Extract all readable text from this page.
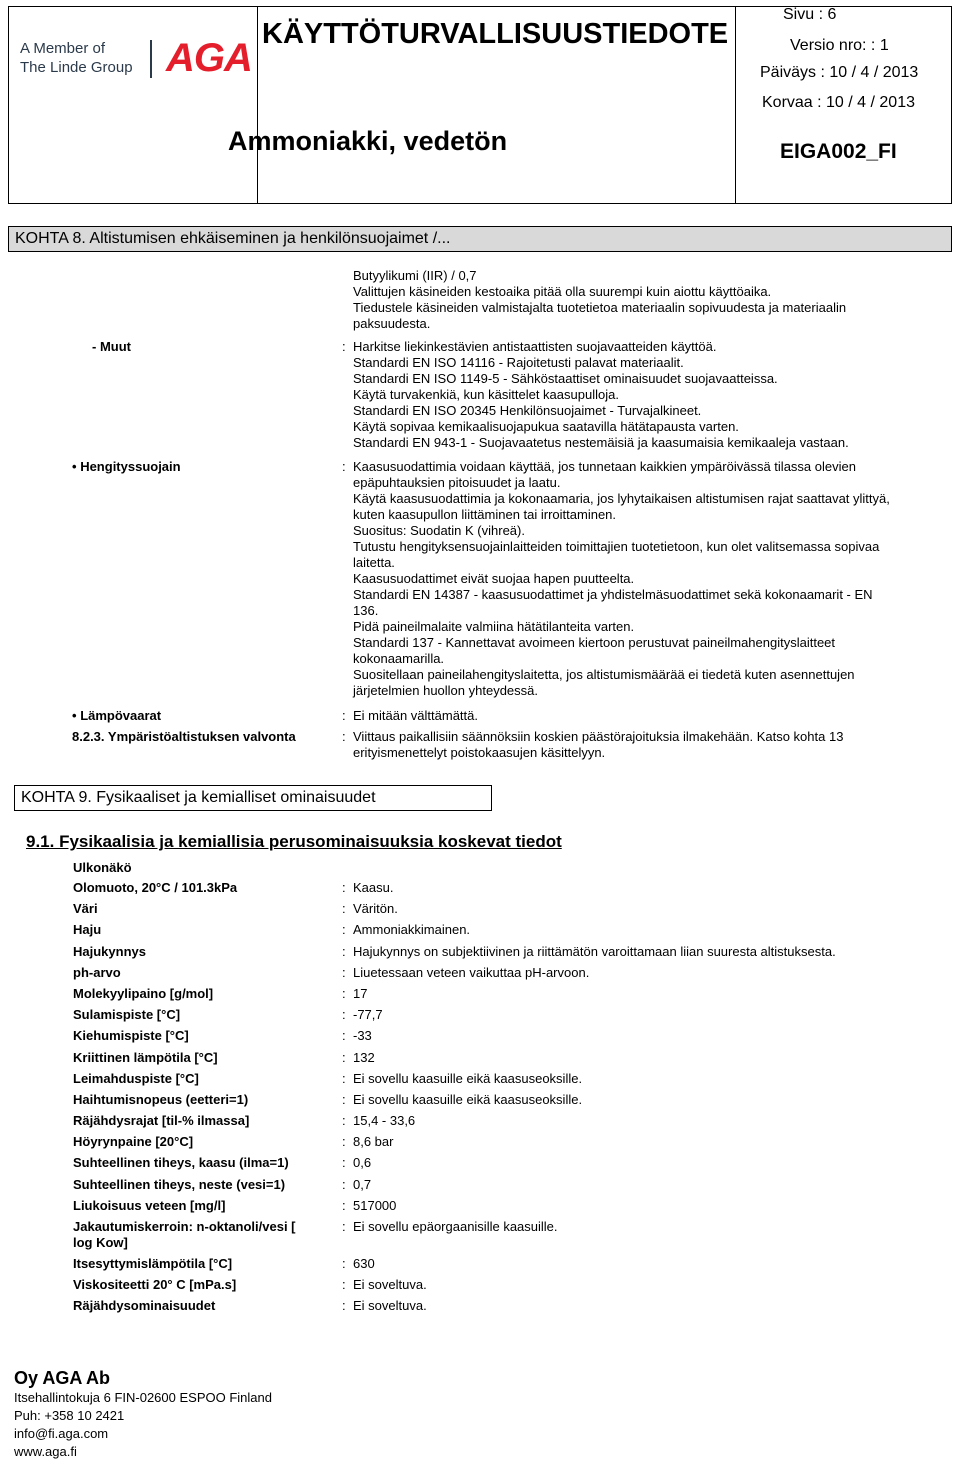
A Member of
The Linde Group AGA
KÄYTTÖTURVALLISUUSTIEDOTE
Ammoniakki, vedetön
Sivu : 6
Versio nro: : 1
Päiväys : 10 / 4 / 2013
Korvaa : 10 / 4 / 2013
EIGA002_FI
KOHTA 8. Altistumisen ehkäiseminen ja henkilönsuojaimet /...
Butyylikumi (IIR) / 0,7
Valittujen käsineiden kestoaika pitää olla suurempi kuin aiottu käyttöaika.
Tiedustele käsineiden valmistajalta tuotetietoa materiaalin sopivuudesta ja materiaalin
paksuudesta.
- Muut	: Harkitse liekinkestävien antistaattisten suojavaatteiden käyttöä.
Standardi EN ISO 14116 - Rajoitetusti palavat materiaalit.
Standardi EN ISO 1149-5 - Sähköstaattiset ominaisuudet suojavaatteissa.
Käytä turvakenkiä, kun käsittelet kaasupulloja.
Standardi EN ISO 20345 Henkilönsuojaimet - Turvajalkineet.
Käytä sopivaa kemikaalisuojapukua saatavilla hätätapausta varten.
Standardi EN 943-1 - Suojavaatetus nestemäisiä ja kaasumaisia kemikaaleja vastaan.
• Hengityssuojain	: Kaasusuodattimia voidaan käyttää, jos tunnetaan kaikkien ympäröivässä tilassa olevien
epäpuhtauksien pitoisuudet ja laatu.
Käytä kaasusuodattimia ja kokonaamaria, jos lyhytaikaisen altistumisen rajat saattavat ylittyä,
kuten kaasupullon liittäminen tai irroittaminen.
Suositus: Suodatin K (vihreä).
Tutustu hengityksensuojainlaitteiden toimittajien tuotetietoon, kun olet valitsemassa sopivaa
laitetta.
Kaasusuodattimet eivät suojaa hapen puutteelta.
Standardi EN 14387 - kaasusuodattimet ja yhdistelmäsuodattimet sekä kokonaamarit - EN
136.
Pidä paineilmalaite valmiina hätätilanteita varten.
Standardi 137 - Kannettavat avoimeen kiertoon perustuvat paineilmahengityslaitteet
kokonaamarilla.
Suositellaan paineilahengityslaitetta, jos altistumismäärää ei tiedetä kuten asennettujen
järjetelmien huollon yhteydessä.
• Lämpövaarat	: Ei mitään välttämättä.
8.2.3. Ympäristöaltistuksen valvonta	: Viittaus paikallisiin säännöksiin koskien päästörajoituksia ilmakehään. Katso kohta 13
erityismenettelyt poistokaasujen käsittelyyn.
KOHTA 9. Fysikaaliset ja kemialliset ominaisuudet
9.1. Fysikaalisia ja kemiallisia perusominaisuuksia koskevat tiedot
Ulkonäkö
Olomuoto, 20°C / 101.3kPa	: Kaasu.
Väri	: Väritön.
Haju	: Ammoniakkimainen.
Hajukynnys	: Hajukynnys on subjektiivinen ja riittämätön varoittamaan liian suuresta altistuksesta.
ph-arvo	: Liuetessaan veteen vaikuttaa pH-arvoon.
Molekyylipaino [g/mol]	: 17
Sulamispiste [°C]	: -77,7
Kiehumispiste [°C]	: -33
Kriittinen lämpötila [°C]	: 132
Leimahduspiste [°C]	: Ei sovellu kaasuille eikä kaasuseoksille.
Haihtumisnopeus (eetteri=1)	: Ei sovellu kaasuille eikä kaasuseoksille.
Räjähdysrajat [til-% ilmassa]	: 15,4 - 33,6
Höyrynpaine [20°C]	: 8,6 bar
Suhteellinen tiheys, kaasu (ilma=1)	: 0,6
Suhteellinen tiheys, neste (vesi=1)	: 0,7
Liukoisuus veteen [mg/l]	: 517000
Jakautumiskerroin: n-oktanoli/vesi [
log Kow]
: Ei sovellu epäorgaanisille kaasuille.
Itsesyttymislämpötila [°C]	: 630
Viskositeetti 20° C [mPa.s]	: Ei soveltuva.
Räjähdysominaisuudet	: Ei soveltuva.
Oy AGA Ab
Itsehallintokuja 6 FIN-02600 ESPOO Finland
Puh: +358 10 2421
info@fi.aga.com
www.aga.fi
